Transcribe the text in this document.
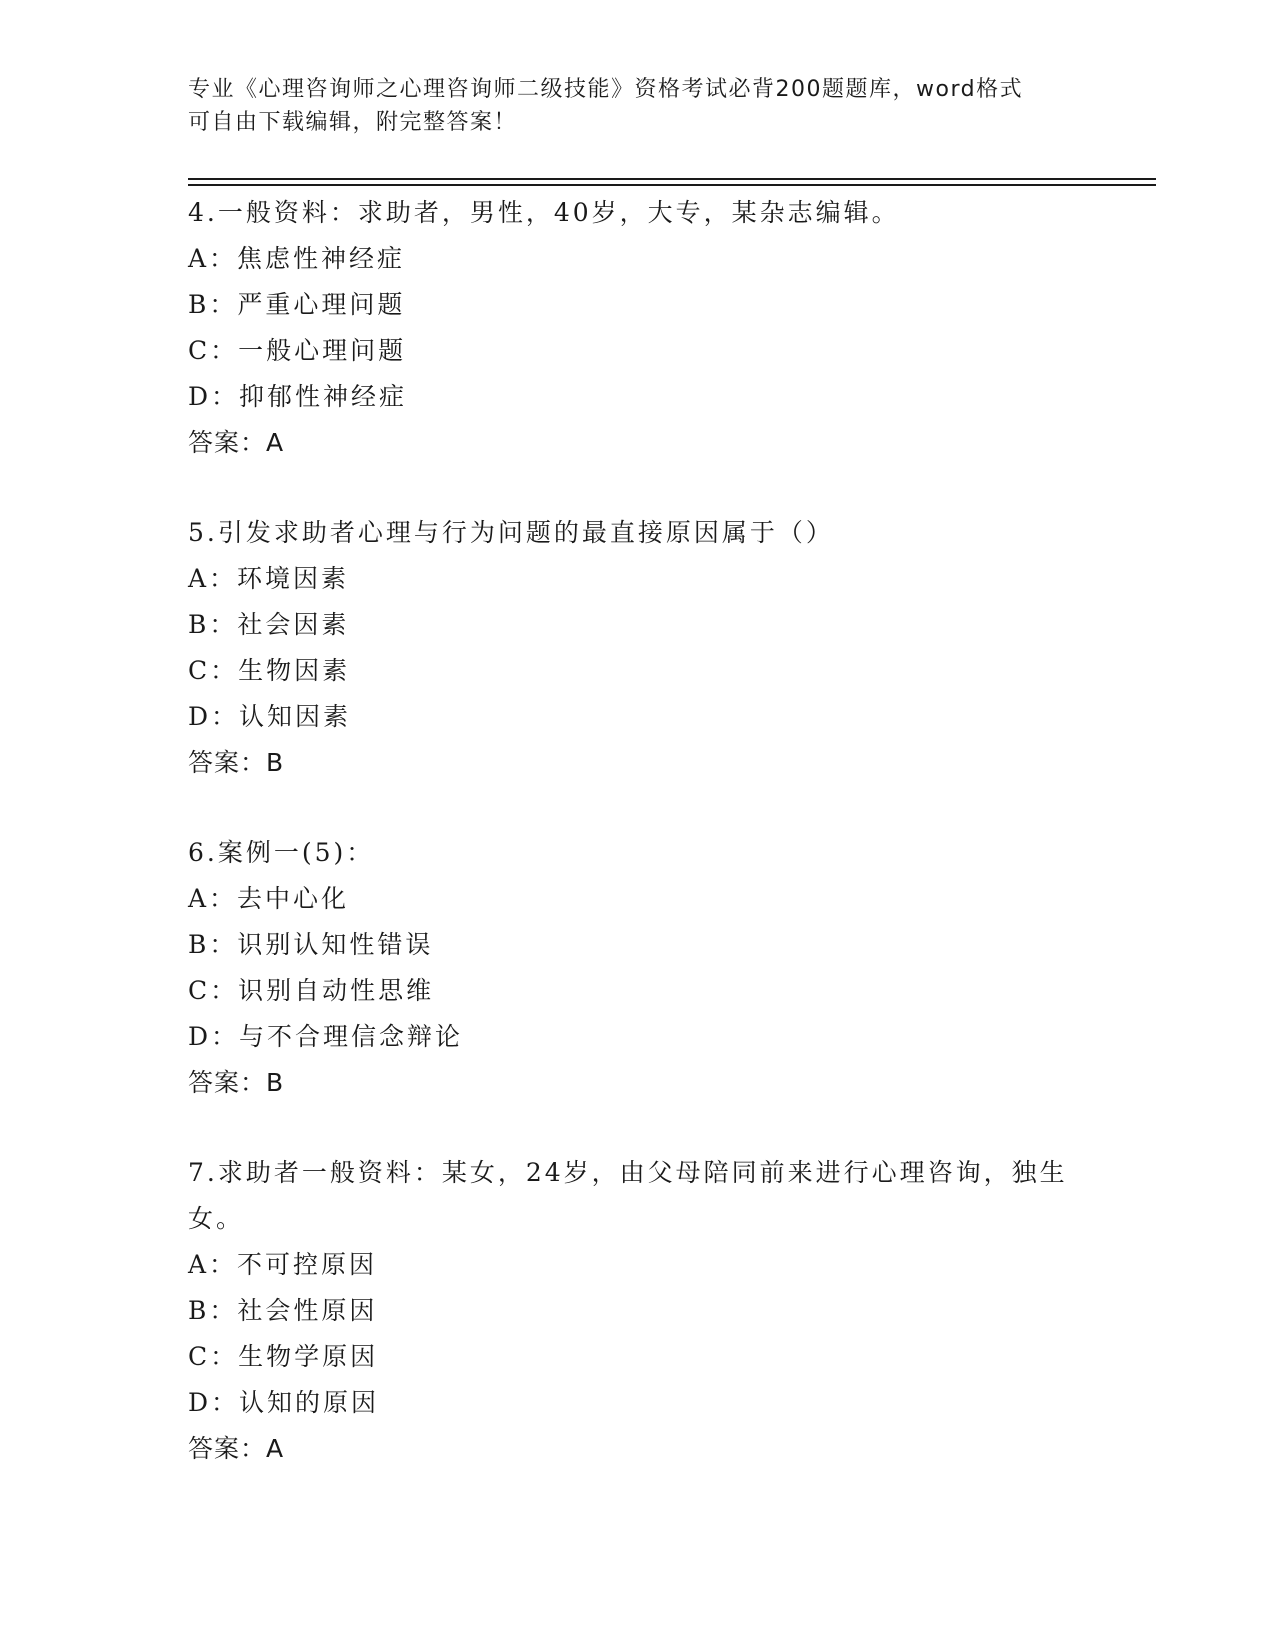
专业《心理咨询师之心理咨询师二级技能》资格考试必背200题题库，word格式
可自由下载编辑，附完整答案！
4.一般资料：求助者，男性，40岁，大专，某杂志编辑。
A：焦虑性神经症
B：严重心理问题
C：一般心理问题
D：抑郁性神经症
答案：A
5.引发求助者心理与行为问题的最直接原因属于（）
A：环境因素
B：社会因素
C：生物因素
D：认知因素
答案：B
6.案例一(5)：
A：去中心化
B：识别认知性错误
C：识别自动性思维
D：与不合理信念辩论
答案：B
7.求助者一般资料：某女，24岁，由父母陪同前来进行心理咨询，独生女。
A：不可控原因
B：社会性原因
C：生物学原因
D：认知的原因
答案：A
